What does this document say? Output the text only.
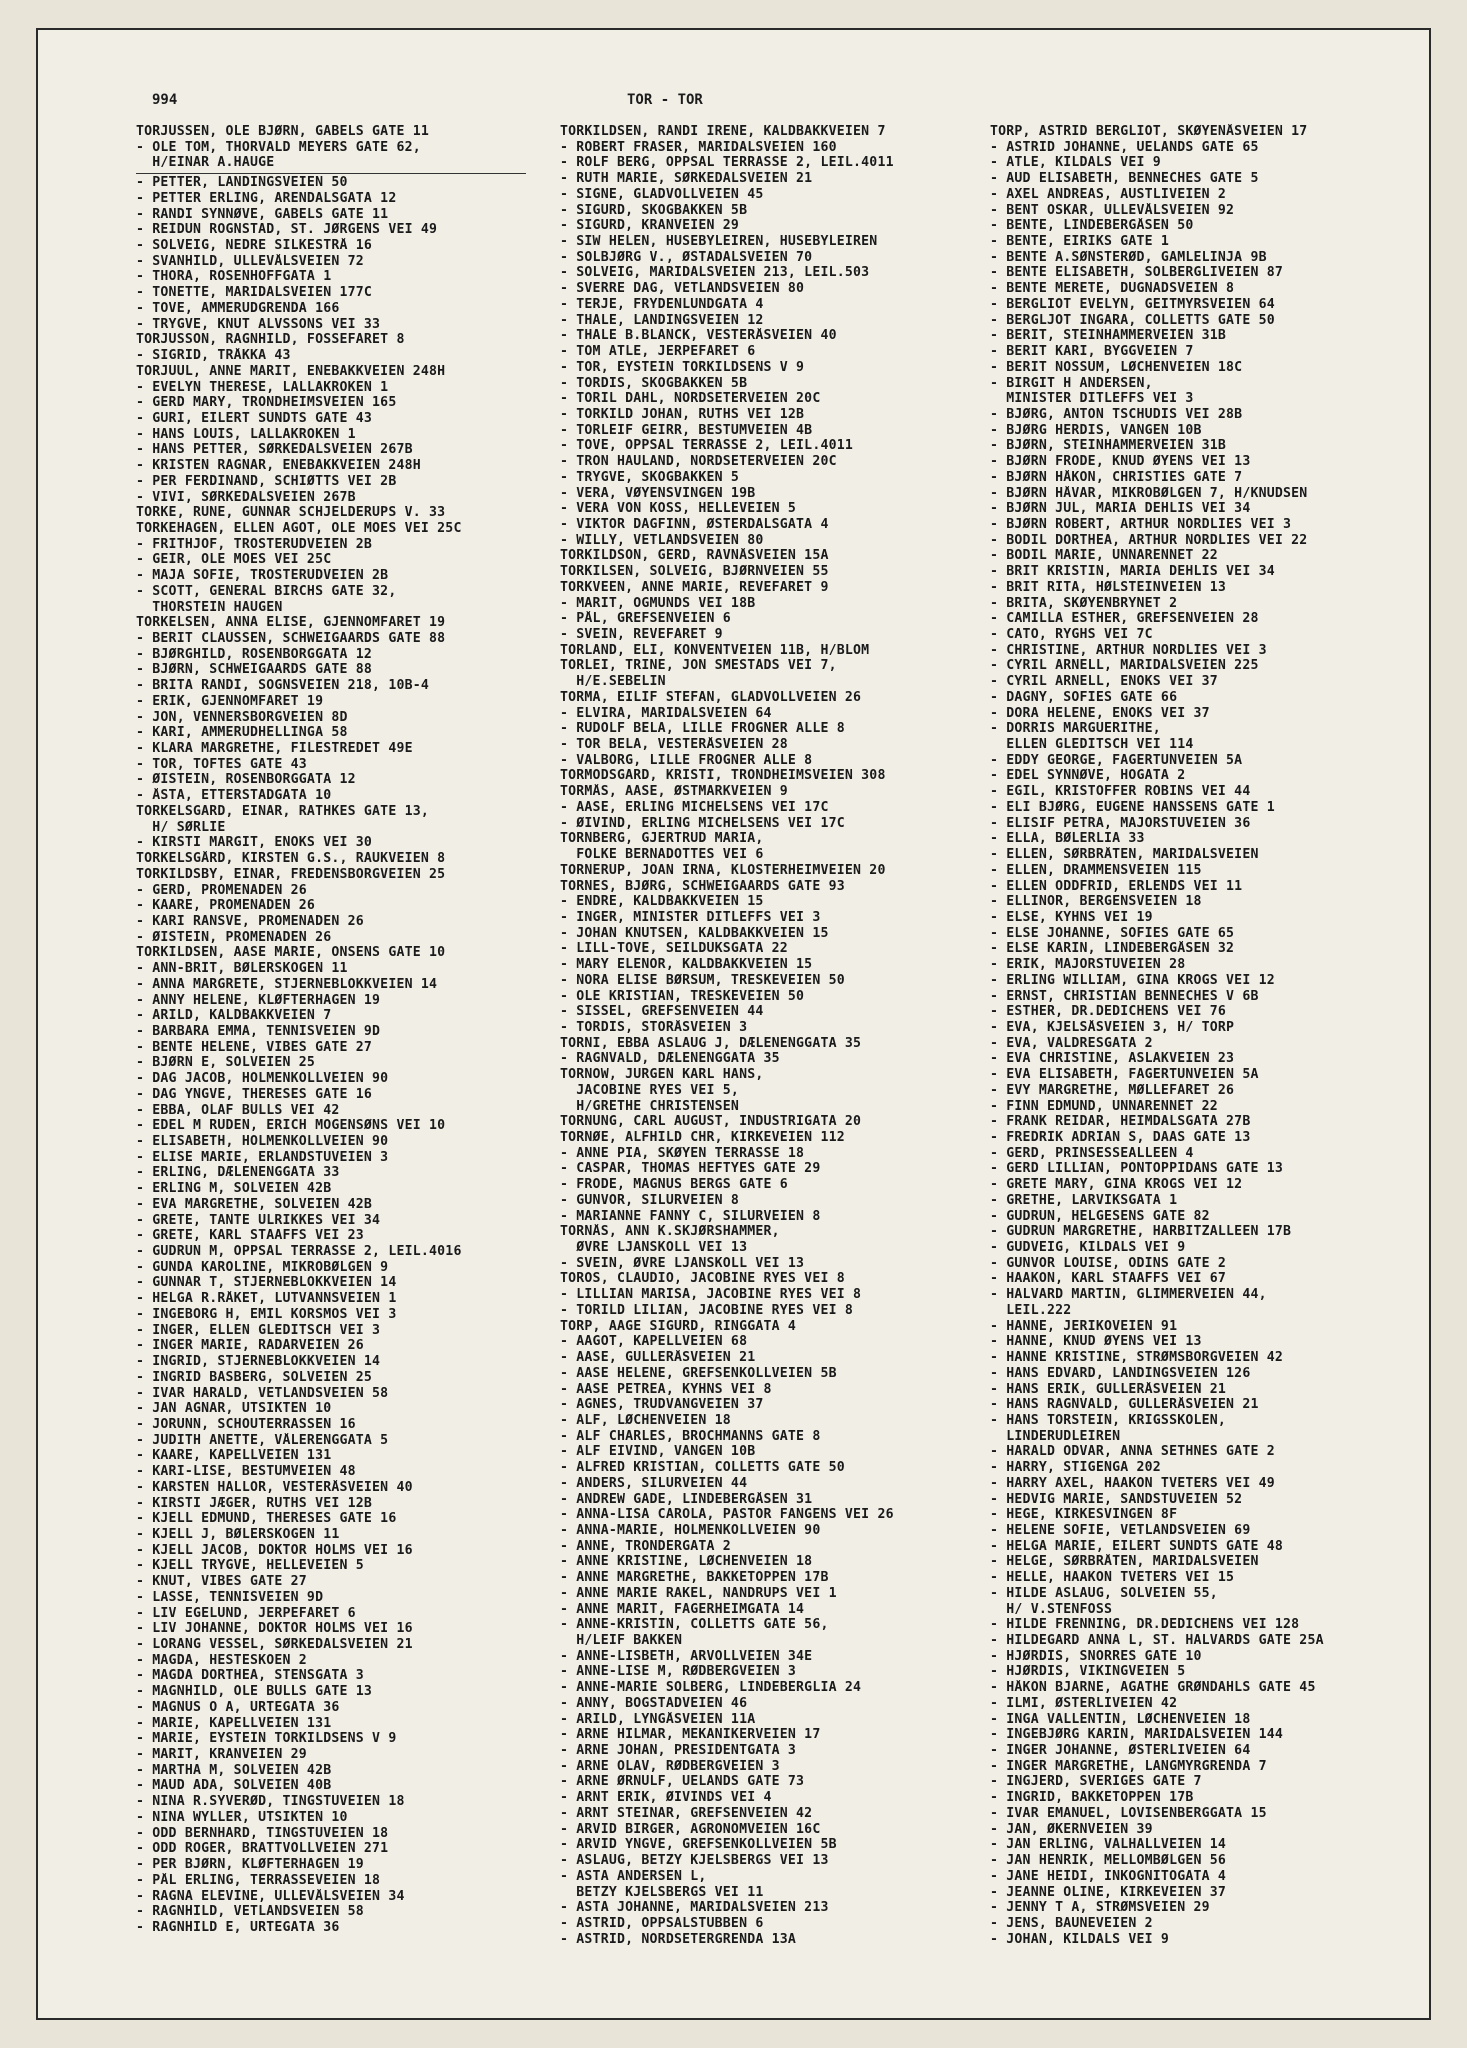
994	TOR - TOR
TORJUSSEN, OLE BJØRN, GABELS GATE 11
- OLE TOM, THORVALD MEYERS GATE 62,
H/EINAR A.HAUGE
- PETTER, LANDINGSVEIEN 50
- PETTER ERLING, ARENDALSGATA 12
- RANDI SYNNØVE, GABELS GATE 11
- REIDUN ROGNSTAD, ST. JØRGENS VEI 49
- SOLVEIG, NEDRE SILKESTRÅ 16
- SVANHILD, ULLEVÅLSVEIEN 72
- THORA, ROSENHOFFGATA 1
- TONETTE, MARIDALSVEIEN 177C
- TOVE, AMMERUDGRENDA 166
- TRYGVE, KNUT ALVSSONS VEI 33
TORJUSSON, RAGNHILD, FOSSEFARET 8
- SIGRID, TRÅKKA 43
TORJUUL, ANNE MARIT, ENEBAKKVEIEN 248H
- EVELYN THERESE, LALLAKROKEN 1
- GERD MARY, TRONDHEIMSVEIEN 165
- GURI, EILERT SUNDTS GATE 43
- HANS LOUIS, LALLAKROKEN 1
- HANS PETTER, SØRKEDALSVEIEN 267B
- KRISTEN RAGNAR, ENEBAKKVEIEN 248H
- PER FERDINAND, SCHIØTTS VEI 2B
- VIVI, SØRKEDALSVEIEN 267B
TORKE, RUNE, GUNNAR SCHJELDERUPS V. 33
TORKEHAGEN, ELLEN AGOT, OLE MOES VEI 25C
- FRITHJOF, TROSTERUDVEIEN 2B
- GEIR, OLE MOES VEI 25C
- MAJA SOFIE, TROSTERUDVEIEN 2B
- SCOTT, GENERAL BIRCHS GATE 32,
THORSTEIN HAUGEN
TORKELSEN, ANNA ELISE, GJENNOMFARET 19
- BERIT CLAUSSEN, SCHWEIGAARDS GATE 88
- BJØRGHILD, ROSENBORGGATA 12
- BJØRN, SCHWEIGAARDS GATE 88
- BRITA RANDI, SOGNSVEIEN 218, 10B-4
- ERIK, GJENNOMFARET 19
- JON, VENNERSBORGVEIEN 8D
- KARI, AMMERUDHELLINGA 58
- KLARA MARGRETHE, FILESTREDET 49E
- TOR, TOFTES GATE 43
- ØISTEIN, ROSENBORGGATA 12
- ÅSTA, ETTERSTADGATA 10
TORKELSGARD, EINAR, RATHKES GATE 13,
H/ SØRLIE
- KIRSTI MARGIT, ENOKS VEI 30
TORKELSGÅRD, KIRSTEN G.S., RAUKVEIEN 8
TORKILDSBY, EINAR, FREDENSBORGVEIEN 25
- GERD, PROMENADEN 26
- KAARE, PROMENADEN 26
- KARI RANSVE, PROMENADEN 26
- ØISTEIN, PROMENADEN 26
TORKILDSEN, AASE MARIE, ONSENS GATE 10
- ANN-BRIT, BØLERSKOGEN 11
- ANNA MARGRETE, STJERNEBLOKKVEIEN 14
- ANNY HELENE, KLØFTERHAGEN 19
- ARILD, KALDBAKKVEIEN 7
- BARBARA EMMA, TENNISVEIEN 9D
- BENTE HELENE, VIBES GATE 27
- BJØRN E, SOLVEIEN 25
- DAG JACOB, HOLMENKOLLVEIEN 90
- DAG YNGVE, THERESES GATE 16
- EBBA, OLAF BULLS VEI 42
- EDEL M RUDEN, ERICH MOGENSØNS VEI 10
- ELISABETH, HOLMENKOLLVEIEN 90
- ELISE MARIE, ERLANDSTUVEIEN 3
- ERLING, DÆLENENGGATA 33
- ERLING M, SOLVEIEN 42B
- EVA MARGRETHE, SOLVEIEN 42B
- GRETE, TANTE ULRIKKES VEI 34
- GRETE, KARL STAAFFS VEI 23
- GUDRUN M, OPPSAL TERRASSE 2, LEIL.4016
- GUNDA KAROLINE, MIKROBØLGEN 9
- GUNNAR T, STJERNEBLOKKVEIEN 14
- HELGA R.RÅKET, LUTVANNSVEIEN 1
- INGEBORG H, EMIL KORSMOS VEI 3
- INGER, ELLEN GLEDITSCH VEI 3
- INGER MARIE, RADARVEIEN 26
- INGRID, STJERNEBLOKKVEIEN 14
- INGRID BASBERG, SOLVEIEN 25
- IVAR HARALD, VETLANDSVEIEN 58
- JAN AGNAR, UTSIKTEN 10
- JORUNN, SCHOUTERRASSEN 16
- JUDITH ANETTE, VÅLERENGGATA 5
- KAARE, KAPELLVEIEN 131
- KARI-LISE, BESTUMVEIEN 48
- KARSTEN HALLOR, VESTERÅSVEIEN 40
- KIRSTI JÆGER, RUTHS VEI 12B
- KJELL EDMUND, THERESES GATE 16
- KJELL J, BØLERSKOGEN 11
- KJELL JACOB, DOKTOR HOLMS VEI 16
- KJELL TRYGVE, HELLEVEIEN 5
- KNUT, VIBES GATE 27
- LASSE, TENNISVEIEN 9D
- LIV EGELUND, JERPEFARET 6
- LIV JOHANNE, DOKTOR HOLMS VEI 16
- LORANG VESSEL, SØRKEDALSVEIEN 21
- MAGDA, HESTESKOEN 2
- MAGDA DORTHEA, STENSGATA 3
- MAGNHILD, OLE BULLS GATE 13
- MAGNUS O A, URTEGATA 36
- MARIE, KAPELLVEIEN 131
- MARIE, EYSTEIN TORKILDSENS V 9
- MARIT, KRANVEIEN 29
- MARTHA M, SOLVEIEN 42B
- MAUD ADA, SOLVEIEN 40B
- NINA R.SYVERØD, TINGSTUVEIEN 18
- NINA WYLLER, UTSIKTEN 10
- ODD BERNHARD, TINGSTUVEIEN 18
- ODD ROGER, BRATTVOLLVEIEN 271
- PER BJØRN, KLØFTERHAGEN 19
- PÅL ERLING, TERRASSEVEIEN 18
- RAGNA ELEVINE, ULLEVÅLSVEIEN 34
- RAGNHILD, VETLANDSVEIEN 58
- RAGNHILD E, URTEGATA 36
TORKILDSEN, RANDI IRENE, KALDBAKKVEIEN 7
- ROBERT FRASER, MARIDALSVEIEN 160
- ROLF BERG, OPPSAL TERRASSE 2, LEIL.4011
- RUTH MARIE, SØRKEDALSVEIEN 21
- SIGNE, GLADVOLLVEIEN 45
- SIGURD, SKOGBAKKEN 5B
- SIGURD, KRANVEIEN 29
- SIW HELEN, HUSEBYLEIREN, HUSEBYLEIREN
- SOLBJØRG V., ØSTADALSVEIEN 70
- SOLVEIG, MARIDALSVEIEN 213, LEIL.503
- SVERRE DAG, VETLANDSVEIEN 80
- TERJE, FRYDENLUNDGATA 4
- THALE, LANDINGSVEIEN 12
- THALE B.BLANCK, VESTERÅSVEIEN 40
- TOM ATLE, JERPEFARET 6
- TOR, EYSTEIN TORKILDSENS V 9
- TORDIS, SKOGBAKKEN 5B
- TORIL DAHL, NORDSETERVEIEN 20C
- TORKILD JOHAN, RUTHS VEI 12B
- TORLEIF GEIRR, BESTUMVEIEN 4B
- TOVE, OPPSAL TERRASSE 2, LEIL.4011
- TRON HAULAND, NORDSETERVEIEN 20C
- TRYGVE, SKOGBAKKEN 5
- VERA, VØYENSVINGEN 19B
- VERA VON KOSS, HELLEVEIEN 5
- VIKTOR DAGFINN, ØSTERDALSGATA 4
- WILLY, VETLANDSVEIEN 80
TORKILDSON, GERD, RAVNÅSVEIEN 15A
TORKILSEN, SOLVEIG, BJØRNVEIEN 55
TORKVEEN, ANNE MARIE, REVEFARET 9
- MARIT, OGMUNDS VEI 18B
- PÅL, GREFSENVEIEN 6
- SVEIN, REVEFARET 9
TORLAND, ELI, KONVENTVEIEN 11B, H/BLOM
TORLEI, TRINE, JON SMESTADS VEI 7,
H/E.SEBELIN
TORMA, EILIF STEFAN, GLADVOLLVEIEN 26
- ELVIRA, MARIDALSVEIEN 64
- RUDOLF BELA, LILLE FROGNER ALLE 8
- TOR BELA, VESTERÅSVEIEN 28
- VALBORG, LILLE FROGNER ALLE 8
TORMODSGARD, KRISTI, TRONDHEIMSVEIEN 308
TORMÅS, AASE, ØSTMARKVEIEN 9
- AASE, ERLING MICHELSENS VEI 17C
- ØIVIND, ERLING MICHELSENS VEI 17C
TORNBERG, GJERTRUD MARIA,
FOLKE BERNADOTTES VEI 6
TORNERUP, JOAN IRNA, KLOSTERHEIMVEIEN 20
TORNES, BJØRG, SCHWEIGAARDS GATE 93
- ENDRE, KALDBAKKVEIEN 15
- INGER, MINISTER DITLEFFS VEI 3
- JOHAN KNUTSEN, KALDBAKKVEIEN 15
- LILL-TOVE, SEILDUKSGATA 22
- MARY ELENOR, KALDBAKKVEIEN 15
- NORA ELISE BØRSUM, TRESKEVEIEN 50
- OLE KRISTIAN, TRESKEVEIEN 50
- SISSEL, GREFSENVEIEN 44
- TORDIS, STORÅSVEIEN 3
TORNI, EBBA ASLAUG J, DÆLENENGGATA 35
- RAGNVALD, DÆLENENGGATA 35
TORNOW, JÜRGEN KARL HANS,
JACOBINE RYES VEI 5,
H/GRETHE CHRISTENSEN
TORNUNG, CARL AUGUST, INDUSTRIGATA 20
TORNØE, ALFHILD CHR, KIRKEVEIEN 112
- ANNE PIA, SKØYEN TERRASSE 18
- CASPAR, THOMAS HEFTYES GATE 29
- FRODE, MAGNUS BERGS GATE 6
- GUNVOR, SILURVEIEN 8
- MARIANNE FANNY C, SILURVEIEN 8
TORNÅS, ANN K.SKJØRSHAMMER,
ØVRE LJANSKOLL VEI 13
- SVEIN, ØVRE LJANSKOLL VEI 13
TOROS, CLAUDIO, JACOBINE RYES VEI 8
- LILLIAN MARISA, JACOBINE RYES VEI 8
- TORILD LILIAN, JACOBINE RYES VEI 8
TORP, AAGE SIGURD, RINGGATA 4
- AAGOT, KAPELLVEIEN 68
- AASE, GULLERÅSVEIEN 21
- AASE HELENE, GREFSENKOLLVEIEN 5B
- AASE PETREA, KYHNS VEI 8
- AGNES, TRUDVANGVEIEN 37
- ALF, LØCHENVEIEN 18
- ALF CHARLES, BROCHMANNS GATE 8
- ALF EIVIND, VANGEN 10B
- ALFRED KRISTIAN, COLLETTS GATE 50
- ANDERS, SILURVEIEN 44
- ANDREW GADE, LINDEBERGÅSEN 31
- ANNA-LISA CAROLA, PASTOR FANGENS VEI 26
- ANNA-MARIE, HOLMENKOLLVEIEN 90
- ANNE, TRONDERGATA 2
- ANNE KRISTINE, LØCHENVEIEN 18
- ANNE MARGRETHE, BAKKETOPPEN 17B
- ANNE MARIE RAKEL, NANDRUPS VEI 1
- ANNE MARIT, FAGERHEIMGATA 14
- ANNE-KRISTIN, COLLETTS GATE 56,
H/LEIF BAKKEN
- ANNE-LISBETH, ARVOLLVEIEN 34E
- ANNE-LISE M, RØDBERGVEIEN 3
- ANNE-MARIE SOLBERG, LINDEBERGLIA 24
- ANNY, BOGSTADVEIEN 46
- ARILD, LYNGÅSVEIEN 11A
- ARNE HILMAR, MEKANIKERVEIEN 17
- ARNE JOHAN, PRESIDENTGATA 3
- ARNE OLAV, RØDBERGVEIEN 3
- ARNE ØRNULF, UELANDS GATE 73
- ARNT ERIK, ØIVINDS VEI 4
- ARNT STEINAR, GREFSENVEIEN 42
- ARVID BIRGER, AGRONOMVEIEN 16C
- ARVID YNGVE, GREFSENKOLLVEIEN 5B
- ASLAUG, BETZY KJELSBERGS VEI 13
- ASTA ANDERSEN L,
BETZY KJELSBERGS VEI 11
- ASTA JOHANNE, MARIDALSVEIEN 213
- ASTRID, OPPSALSTUBBEN 6
- ASTRID, NORDSETERGRENDA 13A
TORP, ASTRID BERGLIOT, SKØYENÅSVEIEN 17
- ASTRID JOHANNE, UELANDS GATE 65
- ATLE, KILDALS VEI 9
- AUD ELISABETH, BENNECHES GATE 5
- AXEL ANDREAS, AUSTLIVEIEN 2
- BENT OSKAR, ULLEVÅLSVEIEN 92
- BENTE, LINDEBERGÅSEN 50
- BENTE, EIRIKS GATE 1
- BENTE A.SØNSTERØD, GAMLELINJA 9B
- BENTE ELISABETH, SOLBERGLIVEIEN 87
- BENTE MERETE, DUGNADSVEIEN 8
- BERGLIOT EVELYN, GEITMYRSVEIEN 64
- BERGLJOT INGARA, COLLETTS GATE 50
- BERIT, STEINHAMMERVEIEN 31B
- BERIT KARI, BYGGVEIEN 7
- BERIT NOSSUM, LØCHENVEIEN 18C
- BIRGIT H ANDERSEN,
MINISTER DITLEFFS VEI 3
- BJØRG, ANTON TSCHUDIS VEI 28B
- BJØRG HERDIS, VANGEN 10B
- BJØRN, STEINHAMMERVEIEN 31B
- BJØRN FRODE, KNUD ØYENS VEI 13
- BJØRN HÅKON, CHRISTIES GATE 7
- BJØRN HÅVAR, MIKROBØLGEN 7, H/KNUDSEN
- BJØRN JUL, MARIA DEHLIS VEI 34
- BJØRN ROBERT, ARTHUR NORDLIES VEI 3
- BODIL DORTHEA, ARTHUR NORDLIES VEI 22
- BODIL MARIE, UNNARENNET 22
- BRIT KRISTIN, MARIA DEHLIS VEI 34
- BRIT RITA, HØLSTEINVEIEN 13
- BRITA, SKØYENBRYNET 2
- CAMILLA ESTHER, GREFSENVEIEN 28
- CATO, RYGHS VEI 7C
- CHRISTINE, ARTHUR NORDLIES VEI 3
- CYRIL ARNELL, MARIDALSVEIEN 225
- CYRIL ARNELL, ENOKS VEI 37
- DAGNY, SOFIES GATE 66
- DORA HELENE, ENOKS VEI 37
- DORRIS MARGUERITHE,
ELLEN GLEDITSCH VEI 114
- EDDY GEORGE, FAGERTUNVEIEN 5A
- EDEL SYNNØVE, HOGATA 2
- EGIL, KRISTOFFER ROBINS VEI 44
- ELI BJØRG, EUGENE HANSSENS GATE 1
- ELISIF PETRA, MAJORSTUVEIEN 36
- ELLA, BØLERLIA 33
- ELLEN, SØRBRÅTEN, MARIDALSVEIEN
- ELLEN, DRAMMENSVEIEN 115
- ELLEN ODDFRID, ERLENDS VEI 11
- ELLINOR, BERGENSVEIEN 18
- ELSE, KYHNS VEI 19
- ELSE JOHANNE, SOFIES GATE 65
- ELSE KARIN, LINDEBERGÅSEN 32
- ERIK, MAJORSTUVEIEN 28
- ERLING WILLIAM, GINA KROGS VEI 12
- ERNST, CHRISTIAN BENNECHES V 6B
- ESTHER, DR.DEDICHENS VEI 76
- EVA, KJELSÅSVEIEN 3, H/ TORP
- EVA, VALDRESGATA 2
- EVA CHRISTINE, ASLAKVEIEN 23
- EVA ELISABETH, FAGERTUNVEIEN 5A
- EVY MARGRETHE, MØLLEFARET 26
- FINN EDMUND, UNNARENNET 22
- FRANK REIDAR, HEIMDALSGATA 27B
- FREDRIK ADRIAN S, DAAS GATE 13
- GERD, PRINSESSEALLEEN 4
- GERD LILLIAN, PONTOPPIDANS GATE 13
- GRETE MARY, GINA KROGS VEI 12
- GRETHE, LARVIKSGATA 1
- GUDRUN, HELGESENS GATE 82
- GUDRUN MARGRETHE, HARBITZALLEEN 17B
- GUDVEIG, KILDALS VEI 9
- GUNVOR LOUISE, ODINS GATE 2
- HAAKON, KARL STAAFFS VEI 67
- HALVARD MARTIN, GLIMMERVEIEN 44,
LEIL.222
- HANNE, JERIKOVEIEN 91
- HANNE, KNUD ØYENS VEI 13
- HANNE KRISTINE, STRØMSBORGVEIEN 42
- HANS EDVARD, LANDINGSVEIEN 126
- HANS ERIK, GULLERÅSVEIEN 21
- HANS RAGNVALD, GULLERÅSVEIEN 21
- HANS TORSTEIN, KRIGSSKOLEN,
LINDERUDLEIREN
- HARALD ODVAR, ANNA SETHNES GATE 2
- HARRY, STIGENGA 202
- HARRY AXEL, HAAKON TVETERS VEI 49
- HEDVIG MARIE, SANDSTUVEIEN 52
- HEGE, KIRKESVINGEN 8F
- HELENE SOFIE, VETLANDSVEIEN 69
- HELGA MARIE, EILERT SUNDTS GATE 48
- HELGE, SØRBRÅTEN, MARIDALSVEIEN
- HELLE, HAAKON TVETERS VEI 15
- HILDE ASLAUG, SOLVEIEN 55,
H/ V.STENFOSS
- HILDE FRENNING, DR.DEDICHENS VEI 128
- HILDEGARD ANNA L, ST. HALVARDS GATE 25A
- HJØRDIS, SNORRES GATE 10
- HJØRDIS, VIKINGVEIEN 5
- HÅKON BJARNE, AGATHE GRØNDAHLS GATE 45
- ILMI, ØSTERLIVEIEN 42
- INGA VALLENTIN, LØCHENVEIEN 18
- INGEBJØRG KARIN, MARIDALSVEIEN 144
- INGER JOHANNE, ØSTERLIVEIEN 64
- INGER MARGRETHE, LANGMYRGRENDA 7
- INGJERD, SVERIGES GATE 7
- INGRID, BAKKETOPPEN 17B
- IVAR EMANUEL, LOVISENBERGGATA 15
- JAN, ØKERNVEIEN 39
- JAN ERLING, VALHALLVEIEN 14
- JAN HENRIK, MELLOMBØLGEN 56
- JANE HEIDI, INKOGNITOGATA 4
- JEANNE OLINE, KIRKEVEIEN 37
- JENNY T A, STRØMSVEIEN 29
- JENS, BAUNEVEIEN 2
- JOHAN, KILDALS VEI 9
